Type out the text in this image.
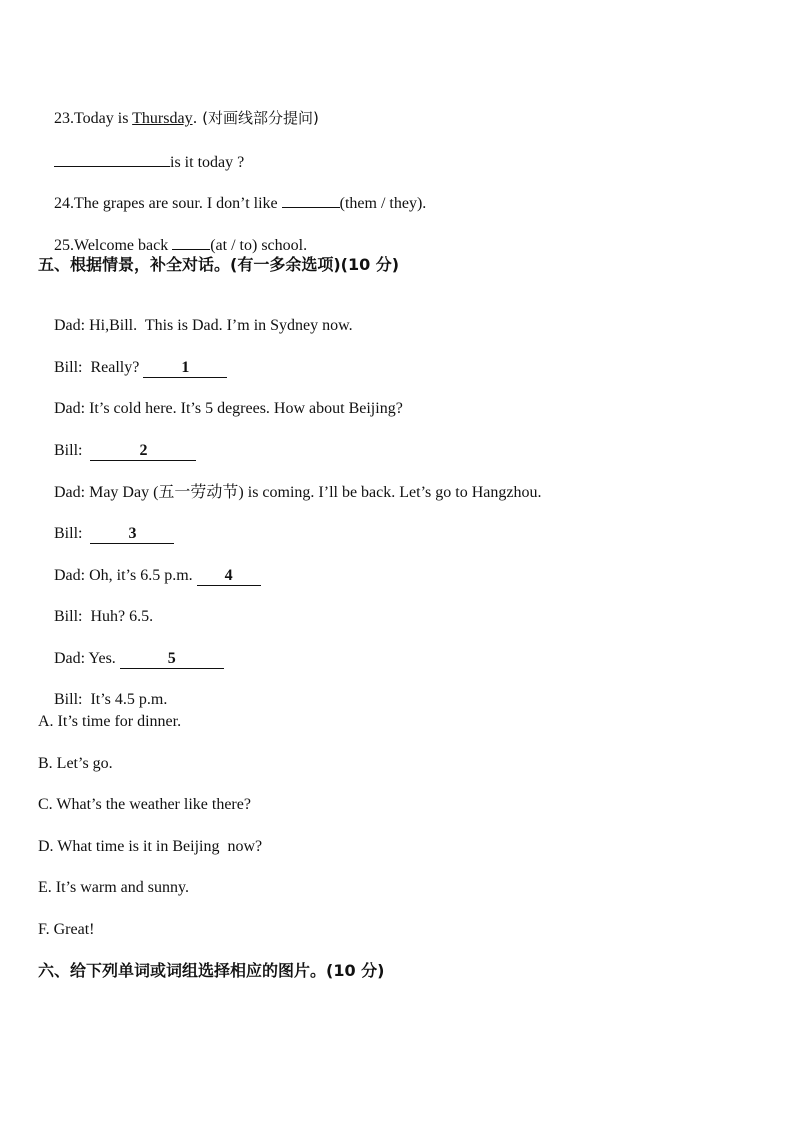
23.Today is Thursday. (对画线部分提问)

is it today ?

24.The grapes are sour. I don’t like	(them / they).

25.Welcome back (at / to) school.

五、根据情景，补全对话。(有一多余选项)(10 分)

Dad: Hi,Bill.  This is Dad. I’m in Sydney now.

Bill:  Really? 1

Dad: It’s cold here. It’s 5 degrees. How about Beijing?

Bill:	2

Dad: May Day (五一劳动节) is coming. I’ll be back. Let’s go to Hangzhou.

Bill:  3

Dad: Oh, it’s 6.5 p.m. 4

Bill:  Huh? 6.5.

Dad: Yes.	5

Bill:  It’s 4.5 p.m.

A. It’s time for dinner.
B. Let’s go.
C. What’s the weather like there?
D. What time is it in Beijing  now?
E. It’s warm and sunny.
F. Great!
六、给下列单词或词组选择相应的图片。(10 分)
